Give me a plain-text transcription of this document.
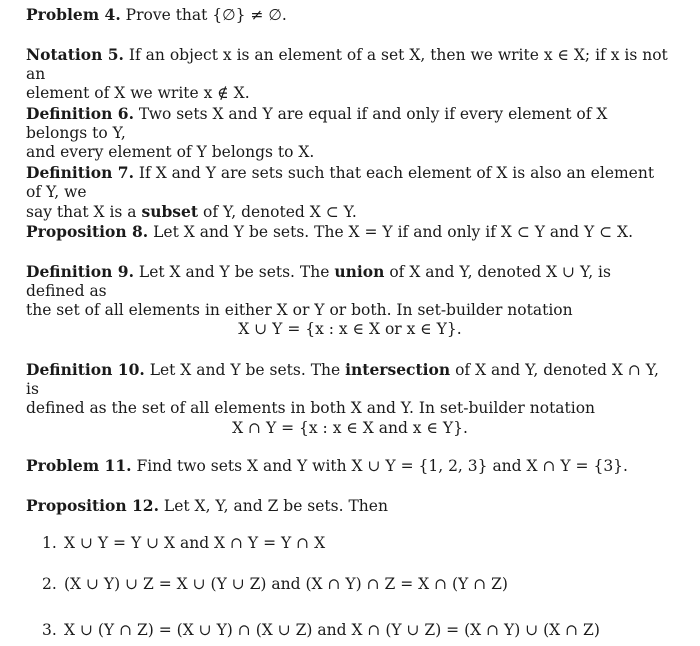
Problem 4. Prove that {∅} ≠ ∅.
Notation 5. If an object x is an element of a set X, then we write x ∈ X; if x is not an
element of X we write x ∉ X.
Definition 6. Two sets X and Y are equal if and only if every element of X belongs to Y,
and every element of Y belongs to X.
Definition 7. If X and Y are sets such that each element of X is also an element of Y, we
say that X is a subset of Y, denoted X ⊂ Y.
Proposition 8. Let X and Y be sets. The X = Y if and only if X ⊂ Y and Y ⊂ X.
Definition 9. Let X and Y be sets. The union of X and Y, denoted X ∪ Y, is defined as
the set of all elements in either X or Y or both. In set-builder notation
X ∪ Y = {x : x ∈ X or x ∈ Y}.
Definition 10. Let X and Y be sets. The intersection of X and Y, denoted X ∩ Y, is
defined as the set of all elements in both X and Y. In set-builder notation
X ∩ Y = {x : x ∈ X and x ∈ Y}.
Problem 11. Find two sets X and Y with X ∪ Y = {1, 2, 3} and X ∩ Y = {3}.
Proposition 12. Let X, Y, and Z be sets. Then
1. X ∪ Y = Y ∪ X and X ∩ Y = Y ∩ X
2. (X ∪ Y) ∪ Z = X ∪ (Y ∪ Z) and (X ∩ Y) ∩ Z = X ∩ (Y ∩ Z)
3. X ∪ (Y ∩ Z) = (X ∪ Y) ∩ (X ∪ Z) and X ∩ (Y ∪ Z) = (X ∩ Y) ∪ (X ∩ Z)
